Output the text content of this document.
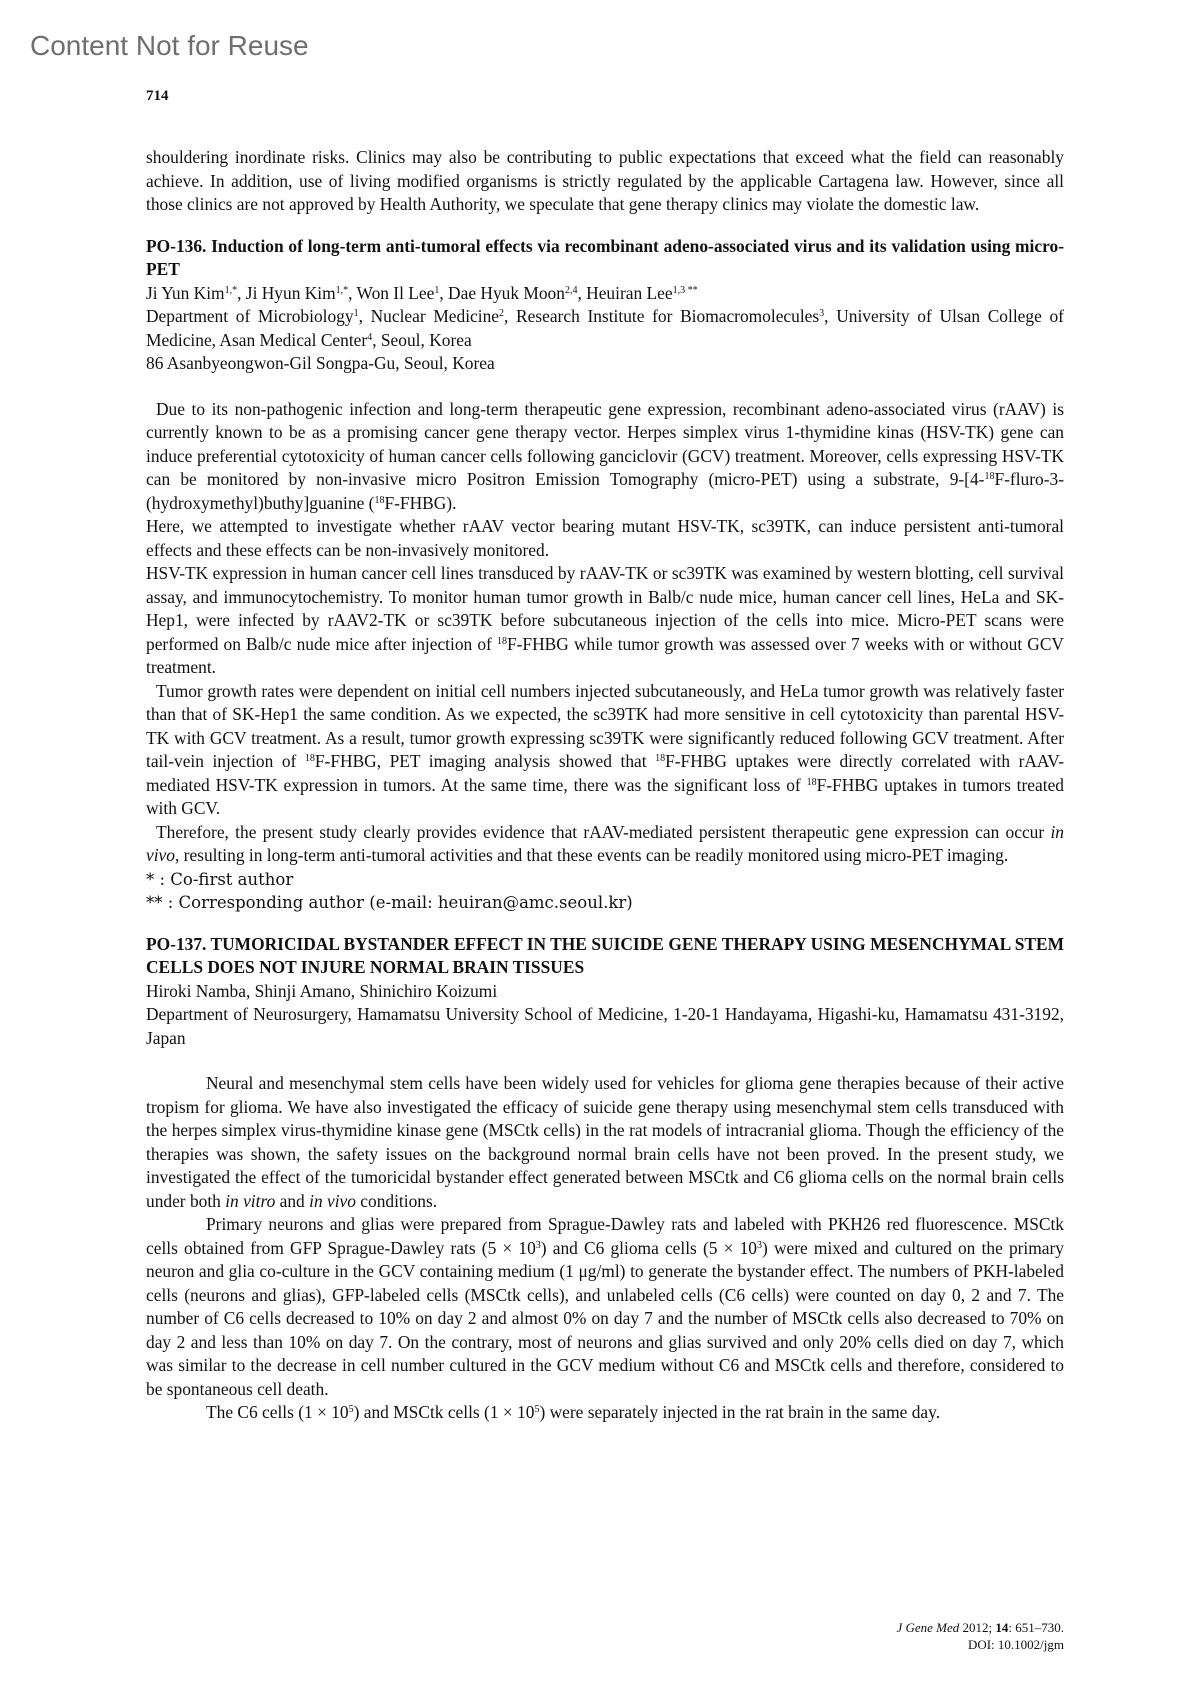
Content Not for Reuse
714

shouldering inordinate risks. Clinics may also be contributing to public expectations that exceed what the field can reasonably achieve. In addition, use of living modified organisms is strictly regulated by the applicable Cartagena law. However, since all those clinics are not approved by Health Authority, we speculate that gene therapy clinics may violate the domestic law.

PO-136. Induction of long-term anti-tumoral effects via recombinant adeno-associated virus and its validation using micro-PET

Ji Yun Kim$^{1,*}$, Ji Hyun Kim$^{1,*}$, Won Il Lee$^1$, Dae Hyuk Moon$^{2,4}$, Heuiran Lee$^{1,3 **}$

Department of Microbiology$^1$, Nuclear Medicine$^2$, Research Institute for Biomacromolecules$^3$, University of Ulsan College of Medicine, Asan Medical Center$^4$, Seoul, Korea

86 Asanbyeongwon-Gil Songpa-Gu, Seoul, Korea

Due to its non-pathogenic infection and long-term therapeutic gene expression, recombinant adeno-associated virus (rAAV) is currently known to be as a promising cancer gene therapy vector. Herpes simplex virus 1-thymidine kinas (HSV-TK) gene can induce preferential cytotoxicity of human cancer cells following ganciclovir (GCV) treatment. Moreover, cells expressing HSV-TK can be monitored by non-invasive micro Positron Emission Tomography (micro-PET) using a substrate, 9-[4-$^{18}$F-fluro-3-(hydroxymethyl)buthy]guanine ($^{18}$F-FHBG).

Here, we attempted to investigate whether rAAV vector bearing mutant HSV-TK, sc39TK, can induce persistent anti-tumoral effects and these effects can be non-invasively monitored.

HSV-TK expression in human cancer cell lines transduced by rAAV-TK or sc39TK was examined by western blotting, cell survival assay, and immunocytochemistry. To monitor human tumor growth in Balb/c nude mice, human cancer cell lines, HeLa and SK-Hep1, were infected by rAAV2-TK or sc39TK before subcutaneous injection of the cells into mice. Micro-PET scans were performed on Balb/c nude mice after injection of $^{18}$F-FHBG while tumor growth was assessed over 7 weeks with or without GCV treatment.

Tumor growth rates were dependent on initial cell numbers injected subcutaneously, and HeLa tumor growth was relatively faster than that of SK-Hep1 the same condition. As we expected, the sc39TK had more sensitive in cell cytotoxicity than parental HSV-TK with GCV treatment. As a result, tumor growth expressing sc39TK were significantly reduced following GCV treatment. After tail-vein injection of $^{18}$F-FHBG, PET imaging analysis showed that $^{18}$F-FHBG uptakes were directly correlated with rAAV-mediated HSV-TK expression in tumors. At the same time, there was the significant loss of $^{18}$F-FHBG uptakes in tumors treated with GCV.

Therefore, the present study clearly provides evidence that rAAV-mediated persistent therapeutic gene expression can occur in vivo, resulting in long-term anti-tumoral activities and that these events can be readily monitored using micro-PET imaging.

* : Co-first author

** : Corresponding author (e-mail: heuiran@amc.seoul.kr)

PO-137. TUMORICIDAL BYSTANDER EFFECT IN THE SUICIDE GENE THERAPY USING MESENCHYMAL STEM CELLS DOES NOT INJURE NORMAL BRAIN TISSUES

Hiroki Namba, Shinji Amano, Shinichiro Koizumi

Department of Neurosurgery, Hamamatsu University School of Medicine, 1-20-1 Handayama, Higashi-ku, Hamamatsu 431-3192, Japan

Neural and mesenchymal stem cells have been widely used for vehicles for glioma gene therapies because of their active tropism for glioma. We have also investigated the efficacy of suicide gene therapy using mesenchymal stem cells transduced with the herpes simplex virus-thymidine kinase gene (MSCtk cells) in the rat models of intracranial glioma. Though the efficiency of the therapies was shown, the safety issues on the background normal brain cells have not been proved. In the present study, we investigated the effect of the tumoricidal bystander effect generated between MSCtk and C6 glioma cells on the normal brain cells under both in vitro and in vivo conditions.

Primary neurons and glias were prepared from Sprague-Dawley rats and labeled with PKH26 red fluorescence. MSCtk cells obtained from GFP Sprague-Dawley rats $(5 \times 10^3)$ and C6 glioma cells $(5 \times 10^3)$ were mixed and cultured on the primary neuron and glia co-culture in the GCV containing medium (1 μg/ml) to generate the bystander effect. The numbers of PKH-labeled cells (neurons and glias), GFP-labeled cells (MSCtk cells), and unlabeled cells (C6 cells) were counted on day 0, 2 and 7. The number of C6 cells decreased to 10% on day 2 and almost 0% on day 7 and the number of MSCtk cells also decreased to 70% on day 2 and less than 10% on day 7. On the contrary, most of neurons and glias survived and only 20% cells died on day 7, which was similar to the decrease in cell number cultured in the GCV medium without C6 and MSCtk cells and therefore, considered to be spontaneous cell death.

The C6 cells $(1 \times 10^5)$ and MSCtk cells $(1 \times 10^5)$ were separately injected in the rat brain in the same day.

J Gene Med 2012; 14: 651–730.
DOI: 10.1002/jgm
